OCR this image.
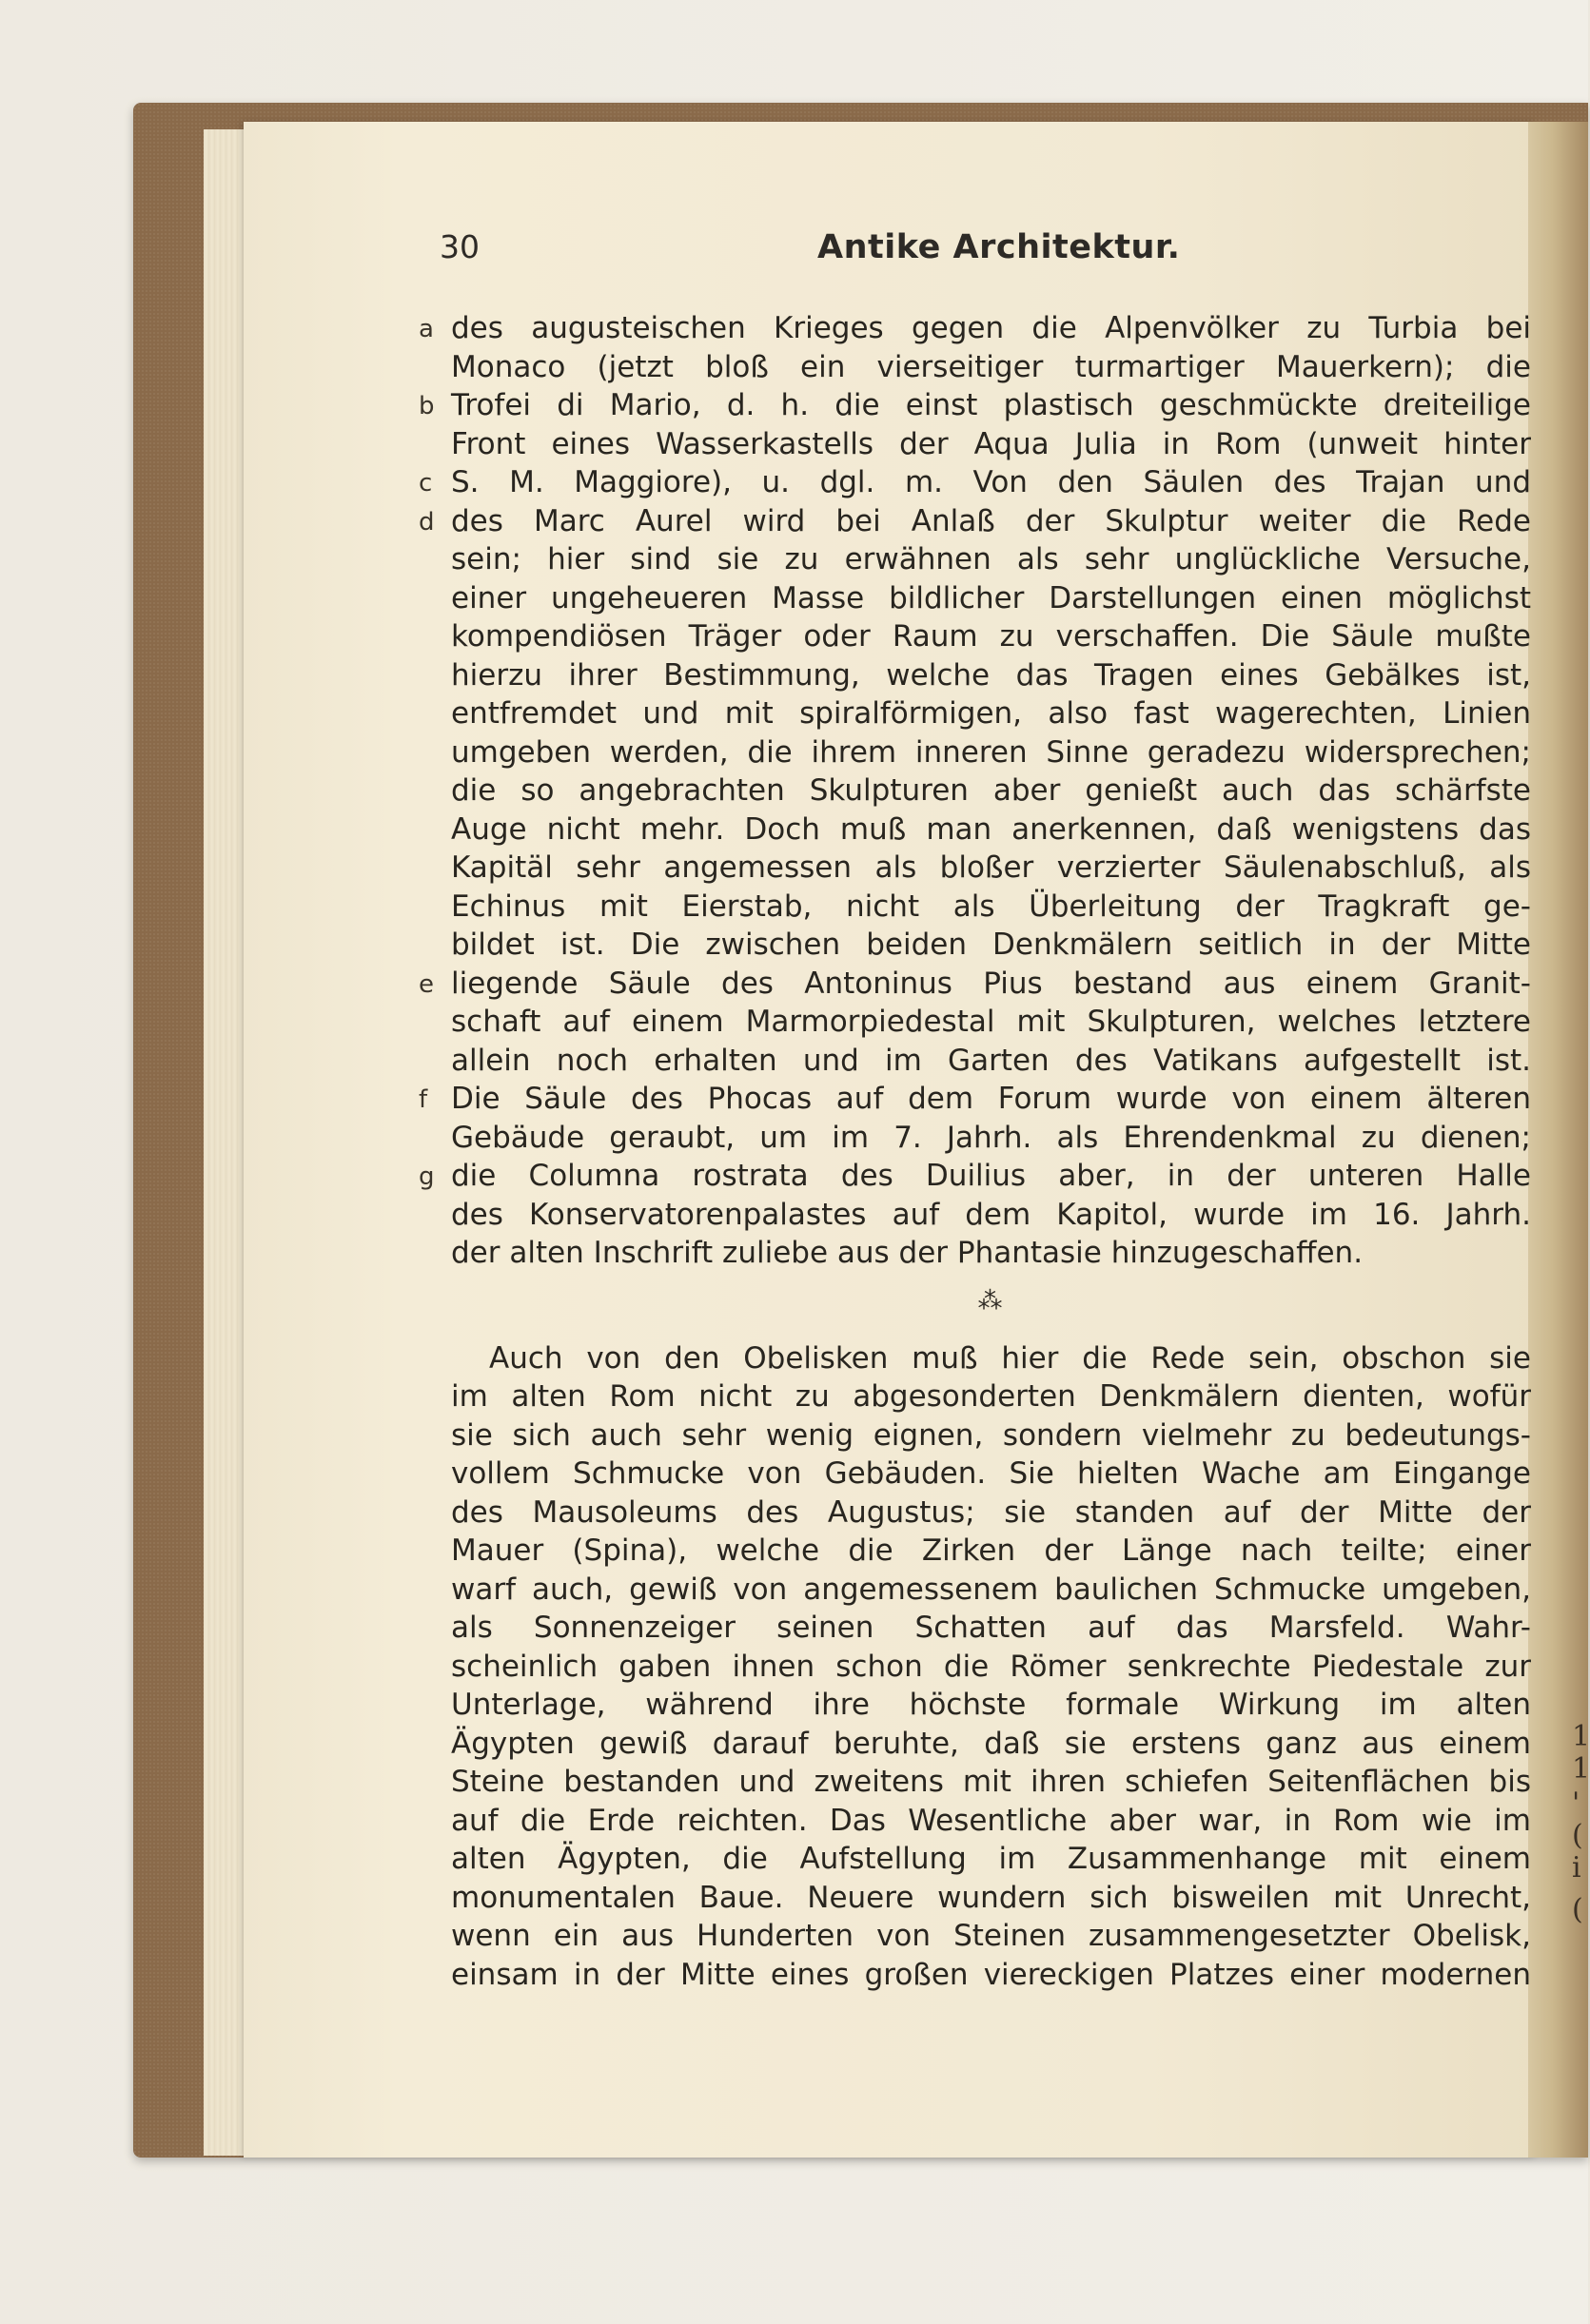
30	Antike Architektur.
a des augusteischen Krieges gegen die Alpenvölker zu Turbia bei
Monaco (jetzt bloß ein vierseitiger turmartiger Mauerkern); die
b Trofei di Mario, d. h. die einst plastisch geschmückte dreiteilige
Front eines Wasserkastells der Aqua Julia in Rom (unweit hinter
c S. M. Maggiore), u. dgl. m. Von den Säulen des Trajan und
d des Marc Aurel wird bei Anlaß der Skulptur weiter die Rede
sein; hier sind sie zu erwähnen als sehr unglückliche Versuche,
einer ungeheueren Masse bildlicher Darstellungen einen möglichst
kompendiösen Träger oder Raum zu verschaffen. Die Säule mußte
hierzu ihrer Bestimmung, welche das Tragen eines Gebälkes ist,
entfremdet und mit spiralförmigen, also fast wagerechten, Linien
umgeben werden, die ihrem inneren Sinne geradezu widersprechen;
die so angebrachten Skulpturen aber genießt auch das schärfste
Auge nicht mehr. Doch muß man anerkennen, daß wenigstens das
Kapitäl sehr angemessen als bloßer verzierter Säulenabschluß, als
Echinus mit Eierstab, nicht als Überleitung der Tragkraft ge-
bildet ist. Die zwischen beiden Denkmälern seitlich in der Mitte
e liegende Säule des Antoninus Pius bestand aus einem Granit-
schaft auf einem Marmorpiedestal mit Skulpturen, welches letztere
allein noch erhalten und im Garten des Vatikans aufgestellt ist.
f Die Säule des Phocas auf dem Forum wurde von einem älteren
Gebäude geraubt, um im 7. Jahrh. als Ehrendenkmal zu dienen;
g die Columna rostrata des Duilius aber, in der unteren Halle
des Konservatorenpalastes auf dem Kapitol, wurde im 16. Jahrh.
der alten Inschrift zuliebe aus der Phantasie hinzugeschaffen.
⁂
Auch von den Obelisken muß hier die Rede sein, obschon sie
im alten Rom nicht zu abgesonderten Denkmälern dienten, wofür
sie sich auch sehr wenig eignen, sondern vielmehr zu bedeutungs-
vollem Schmucke von Gebäuden. Sie hielten Wache am Eingange
des Mausoleums des Augustus; sie standen auf der Mitte der
Mauer (Spina), welche die Zirken der Länge nach teilte; einer
warf auch, gewiß von angemessenem baulichen Schmucke umgeben,
als Sonnenzeiger seinen Schatten auf das Marsfeld. Wahr-
scheinlich gaben ihnen schon die Römer senkrechte Piedestale zur
Unterlage, während ihre höchste formale Wirkung im alten
Ägypten gewiß darauf beruhte, daß sie erstens ganz aus einem
Steine bestanden und zweitens mit ihren schiefen Seitenflächen bis
auf die Erde reichten. Das Wesentliche aber war, in Rom wie im
alten Ägypten, die Aufstellung im Zusammenhange mit einem
monumentalen Baue. Neuere wundern sich bisweilen mit Unrecht,
wenn ein aus Hunderten von Steinen zusammengesetzter Obelisk,
einsam in der Mitte eines großen viereckigen Platzes einer modernen
1
1
'
(
i
(
